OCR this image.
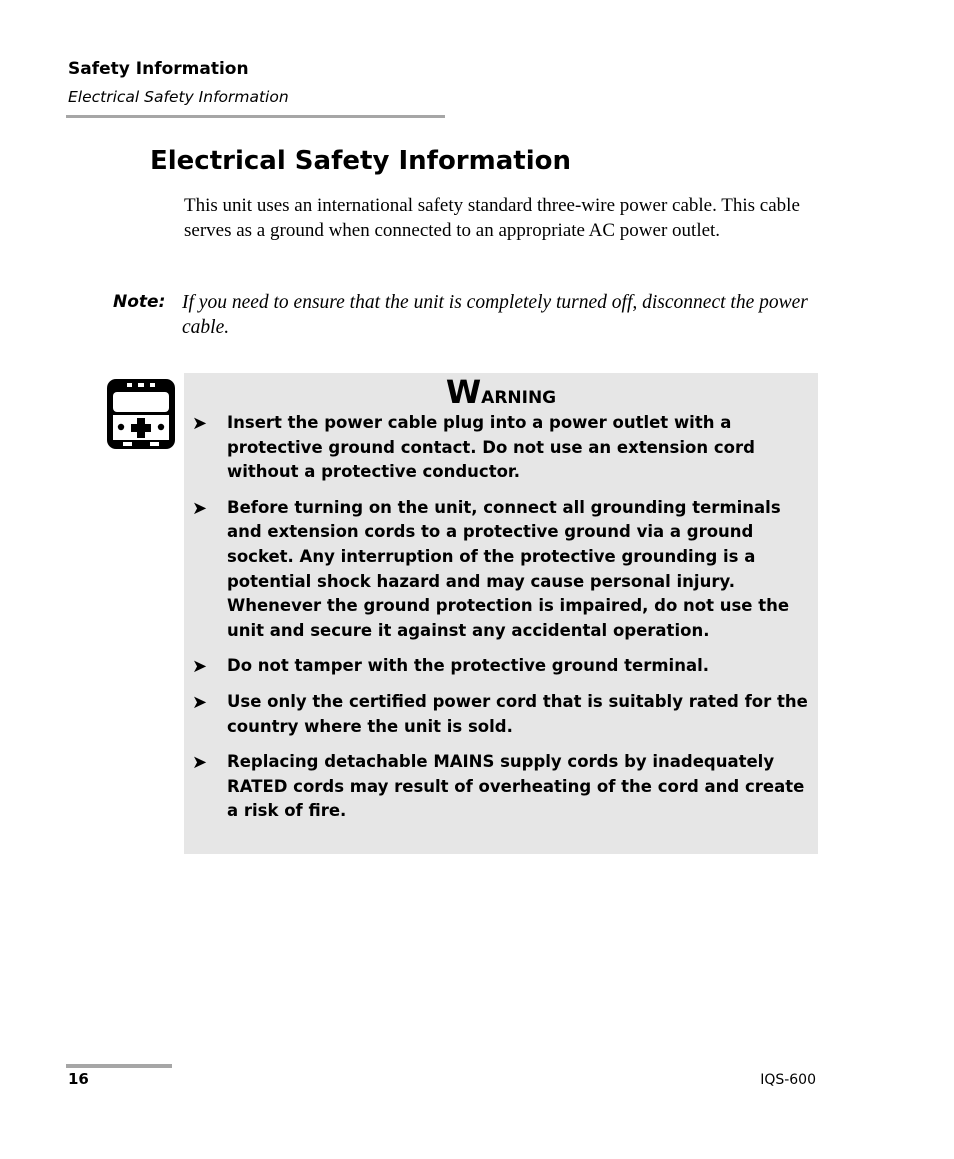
Safety Information
Electrical Safety Information
Electrical Safety Information
This unit uses an international safety standard three-wire power cable. This cable serves as a ground when connected to an appropriate AC power outlet.
Note: If you need to ensure that the unit is completely turned off, disconnect the power cable.
Warning
➤ Insert the power cable plug into a power outlet with a protective ground contact. Do not use an extension cord without a protective conductor.
➤ Before turning on the unit, connect all grounding terminals and extension cords to a protective ground via a ground socket. Any interruption of the protective grounding is a potential shock hazard and may cause personal injury. Whenever the ground protection is impaired, do not use the unit and secure it against any accidental operation.
➤ Do not tamper with the protective ground terminal.
➤ Use only the certified power cord that is suitably rated for the country where the unit is sold.
➤ Replacing detachable MAINS supply cords by inadequately RATED cords may result of overheating of the cord and create a risk of fire.
16	IQS-600
